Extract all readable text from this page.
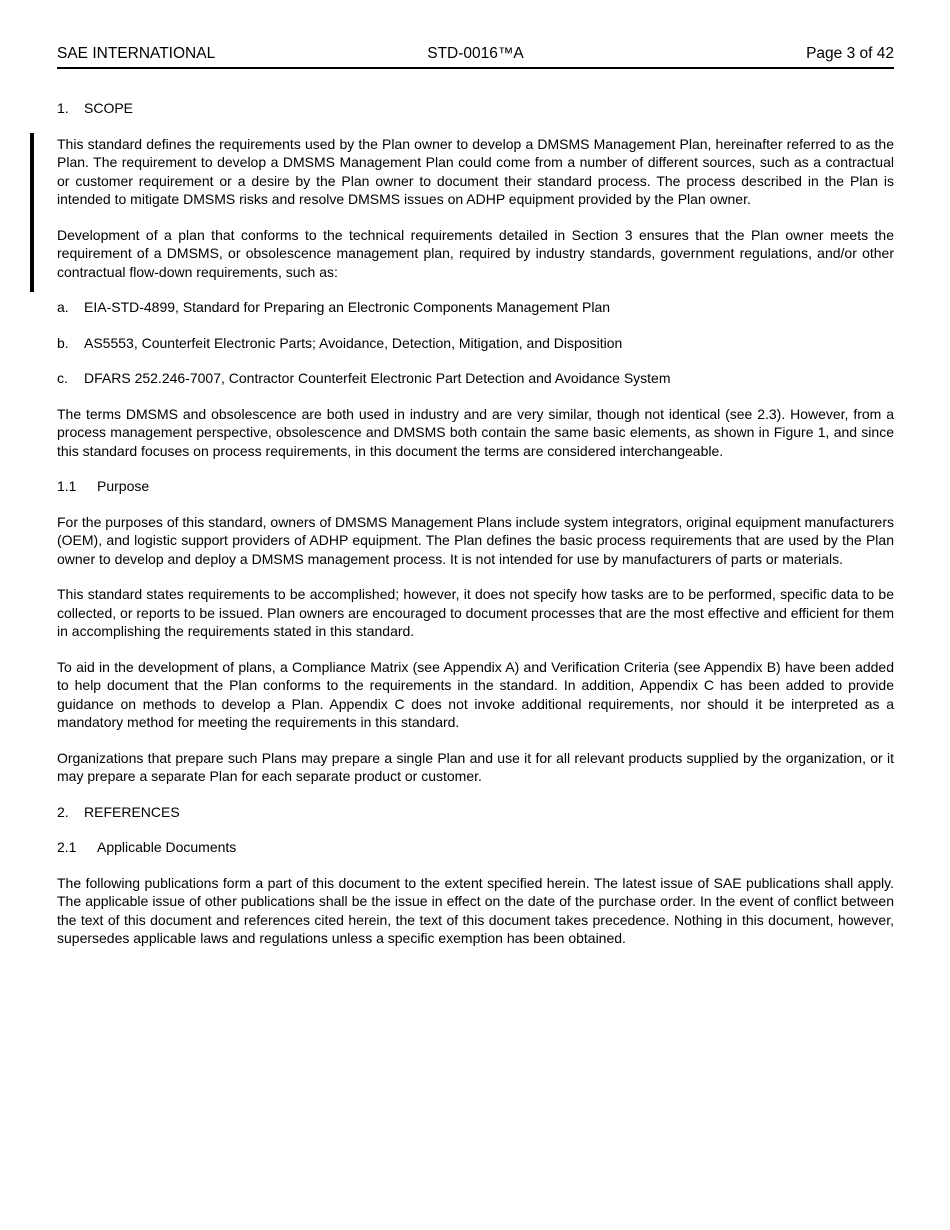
SAE INTERNATIONAL	STD-0016™A	Page 3 of 42
1. SCOPE

This standard defines the requirements used by the Plan owner to develop a DMSMS Management Plan, hereinafter referred to as the Plan. The requirement to develop a DMSMS Management Plan could come from a number of different sources, such as a contractual or customer requirement or a desire by the Plan owner to document their standard process. The process described in the Plan is intended to mitigate DMSMS risks and resolve DMSMS issues on ADHP equipment provided by the Plan owner.

Development of a plan that conforms to the technical requirements detailed in Section 3 ensures that the Plan owner meets the requirement of a DMSMS, or obsolescence management plan, required by industry standards, government regulations, and/or other contractual flow-down requirements, such as:

a.	EIA-STD-4899, Standard for Preparing an Electronic Components Management Plan
b.	AS5553, Counterfeit Electronic Parts; Avoidance, Detection, Mitigation, and Disposition
c.	DFARS 252.246-7007, Contractor Counterfeit Electronic Part Detection and Avoidance System

The terms DMSMS and obsolescence are both used in industry and are very similar, though not identical (see 2.3). However, from a process management perspective, obsolescence and DMSMS both contain the same basic elements, as shown in Figure 1, and since this standard focuses on process requirements, in this document the terms are considered interchangeable.

1.1 Purpose

For the purposes of this standard, owners of DMSMS Management Plans include system integrators, original equipment manufacturers (OEM), and logistic support providers of ADHP equipment. The Plan defines the basic process requirements that are used by the Plan owner to develop and deploy a DMSMS management process. It is not intended for use by manufacturers of parts or materials.

This standard states requirements to be accomplished; however, it does not specify how tasks are to be performed, specific data to be collected, or reports to be issued. Plan owners are encouraged to document processes that are the most effective and efficient for them in accomplishing the requirements stated in this standard.

To aid in the development of plans, a Compliance Matrix (see Appendix A) and Verification Criteria (see Appendix B) have been added to help document that the Plan conforms to the requirements in the standard. In addition, Appendix C has been added to provide guidance on methods to develop a Plan. Appendix C does not invoke additional requirements, nor should it be interpreted as a mandatory method for meeting the requirements in this standard.

Organizations that prepare such Plans may prepare a single Plan and use it for all relevant products supplied by the organization, or it may prepare a separate Plan for each separate product or customer.

2. REFERENCES
2.1 Applicable Documents

The following publications form a part of this document to the extent specified herein. The latest issue of SAE publications shall apply. The applicable issue of other publications shall be the issue in effect on the date of the purchase order. In the event of conflict between the text of this document and references cited herein, the text of this document takes precedence. Nothing in this document, however, supersedes applicable laws and regulations unless a specific exemption has been obtained.
